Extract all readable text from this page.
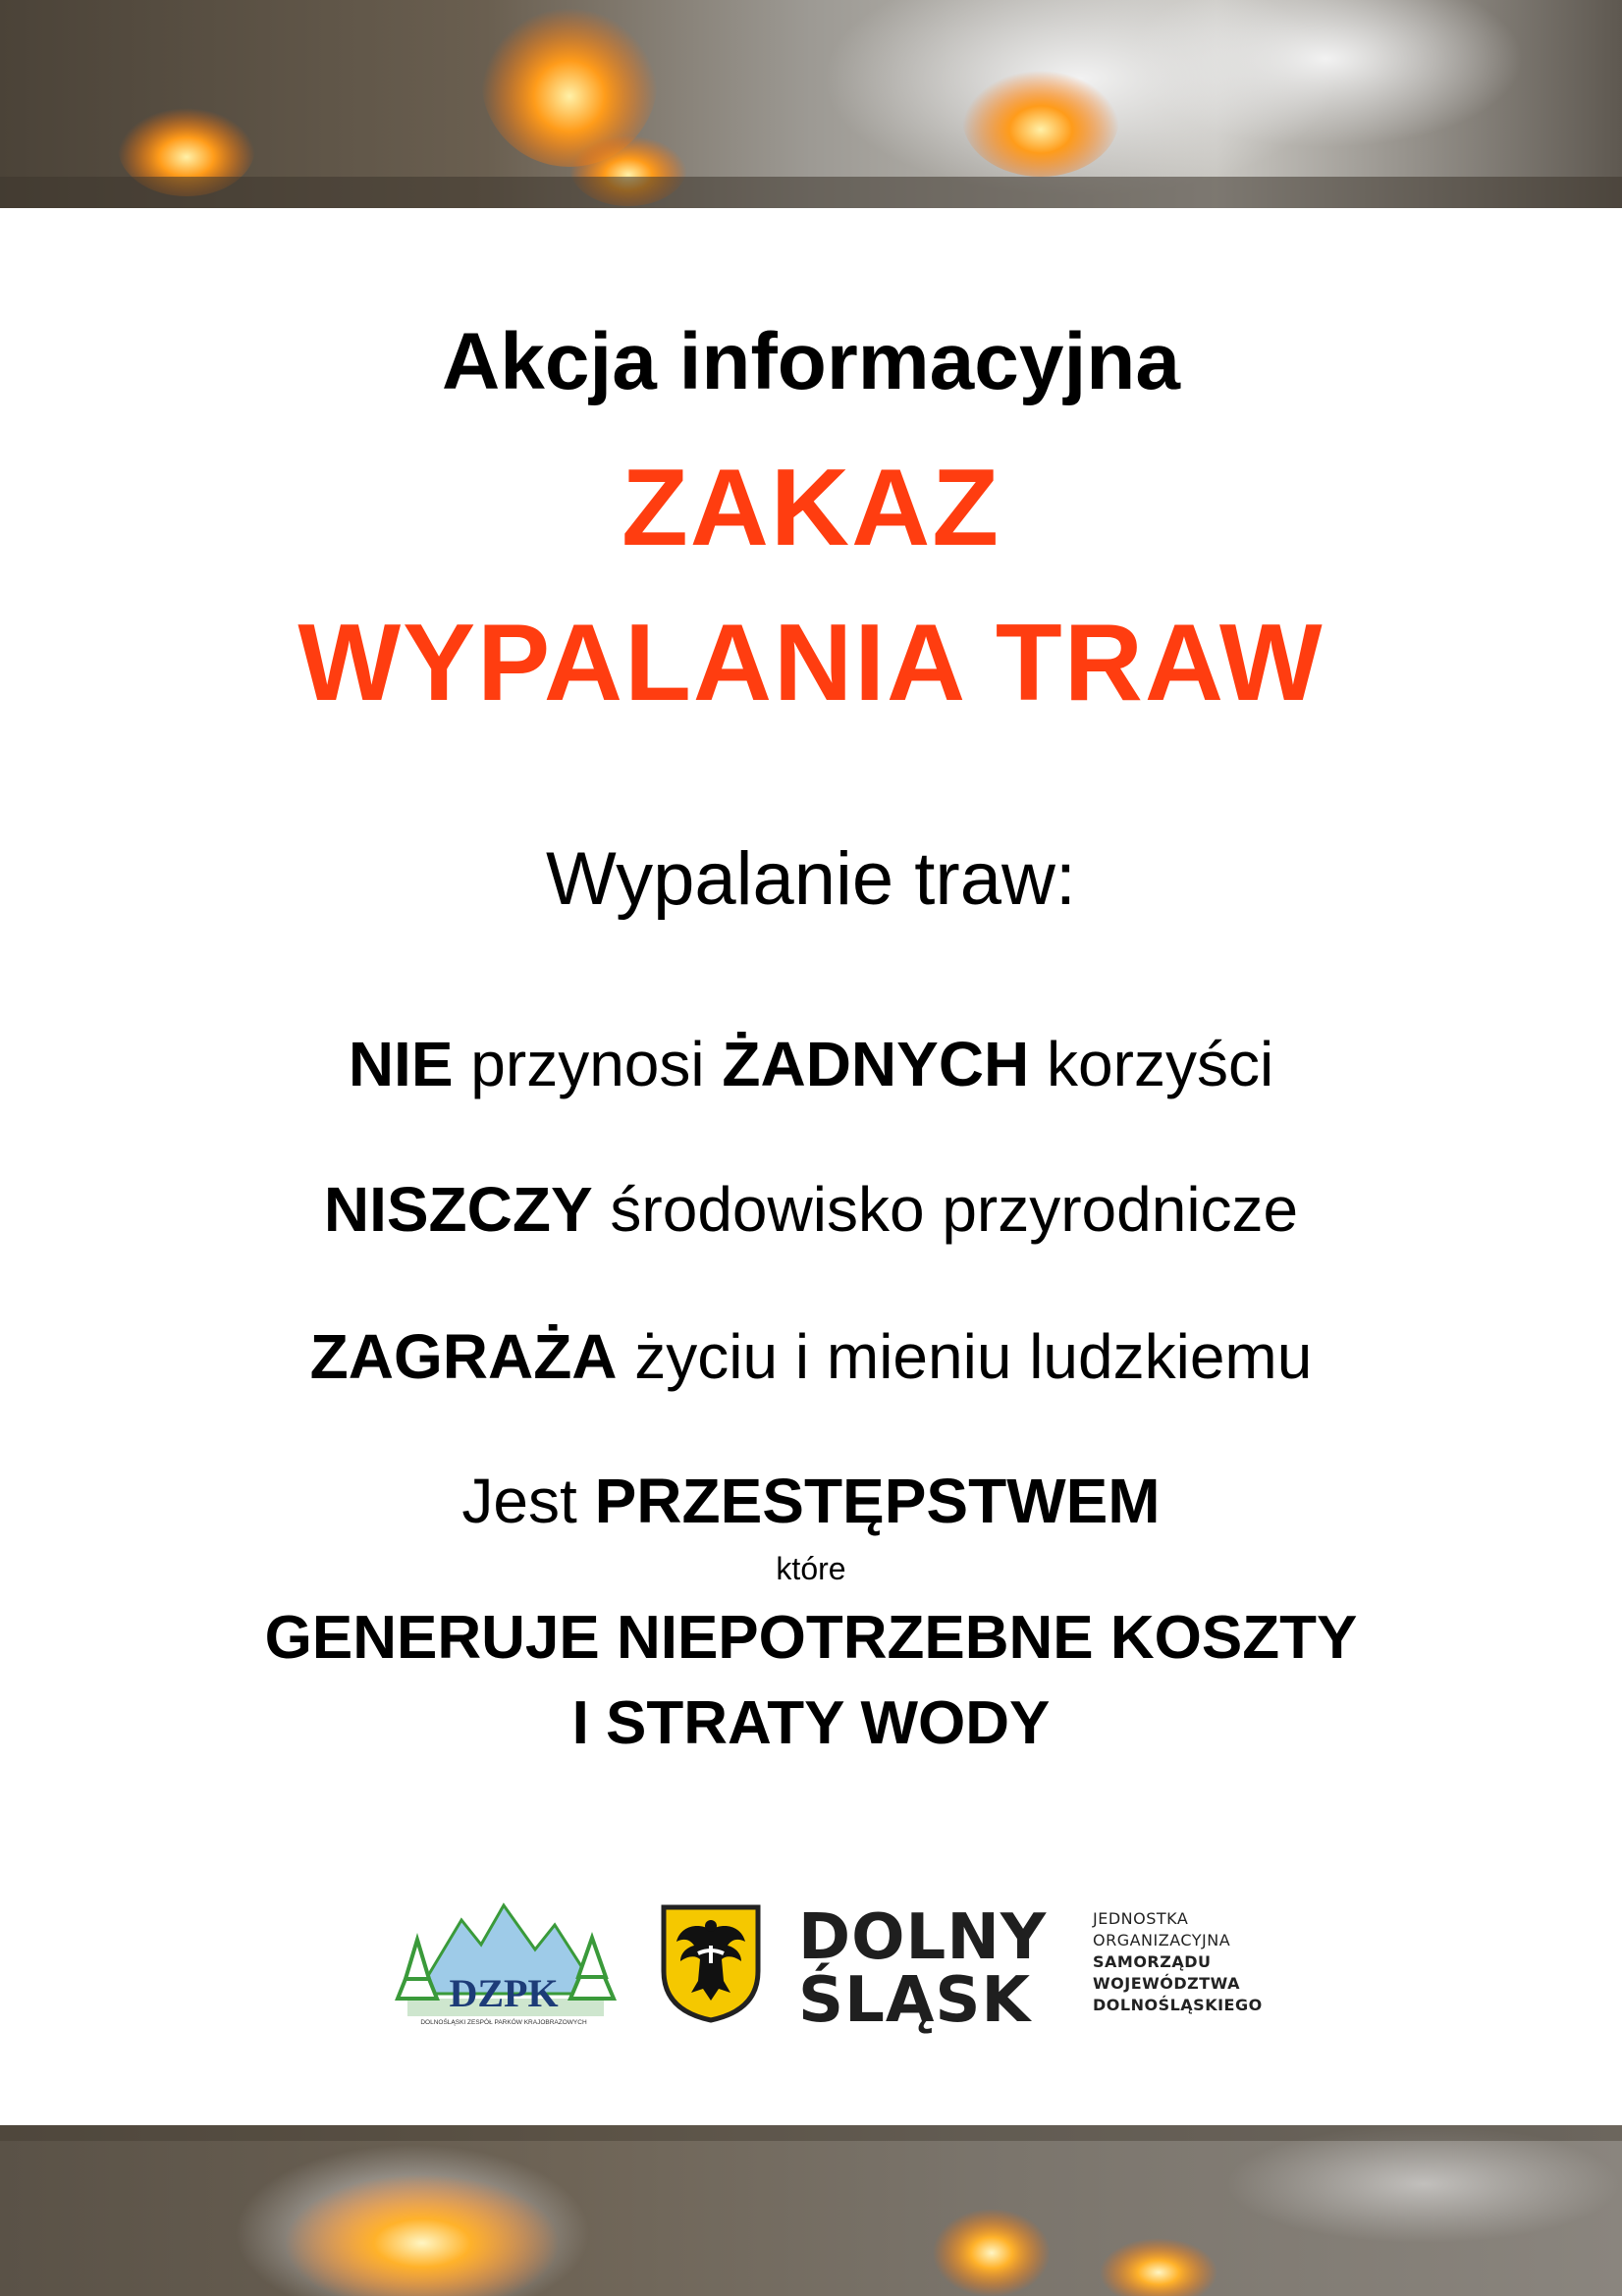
Akcja informacyjna
ZAKAZ
WYPALANIA TRAW
Wypalanie traw:
NIE przynosi ŻADNYCH korzyści
NISZCZY środowisko przyrodnicze
ZAGRAŻA życiu i mieniu ludzkiemu
Jest PRZESTĘPSTWEM
które
GENERUJE NIEPOTRZEBNE KOSZTY
I STRATY WODY
DZPK
DOLNOŚLĄSKI ZESPÓŁ PARKÓW KRAJOBRAZOWYCH
DOLNY
ŚLĄSK
JEDNOSTKA
ORGANIZACYJNA
SAMORZĄDU
WOJEWÓDZTWA
DOLNOŚLĄSKIEGO
